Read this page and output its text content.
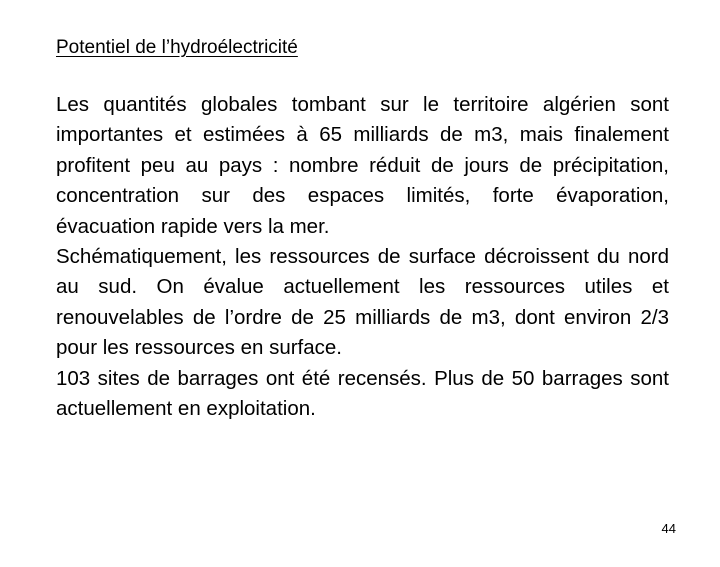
Potentiel de l’hydroélectricité

Les quantités globales tombant sur le territoire algérien sont importantes et estimées à 65 milliards de m3, mais finalement profitent peu au pays : nombre réduit de jours de précipitation, concentration sur des espaces limités, forte évaporation, évacuation rapide vers la mer.

Schématiquement, les ressources de surface décroissent du nord au sud. On évalue actuellement les ressources utiles et renouvelables de l’ordre de 25 milliards de m3, dont environ 2/3 pour les ressources en surface.

103 sites de barrages ont été recensés. Plus de 50 barrages sont actuellement en exploitation.

44
